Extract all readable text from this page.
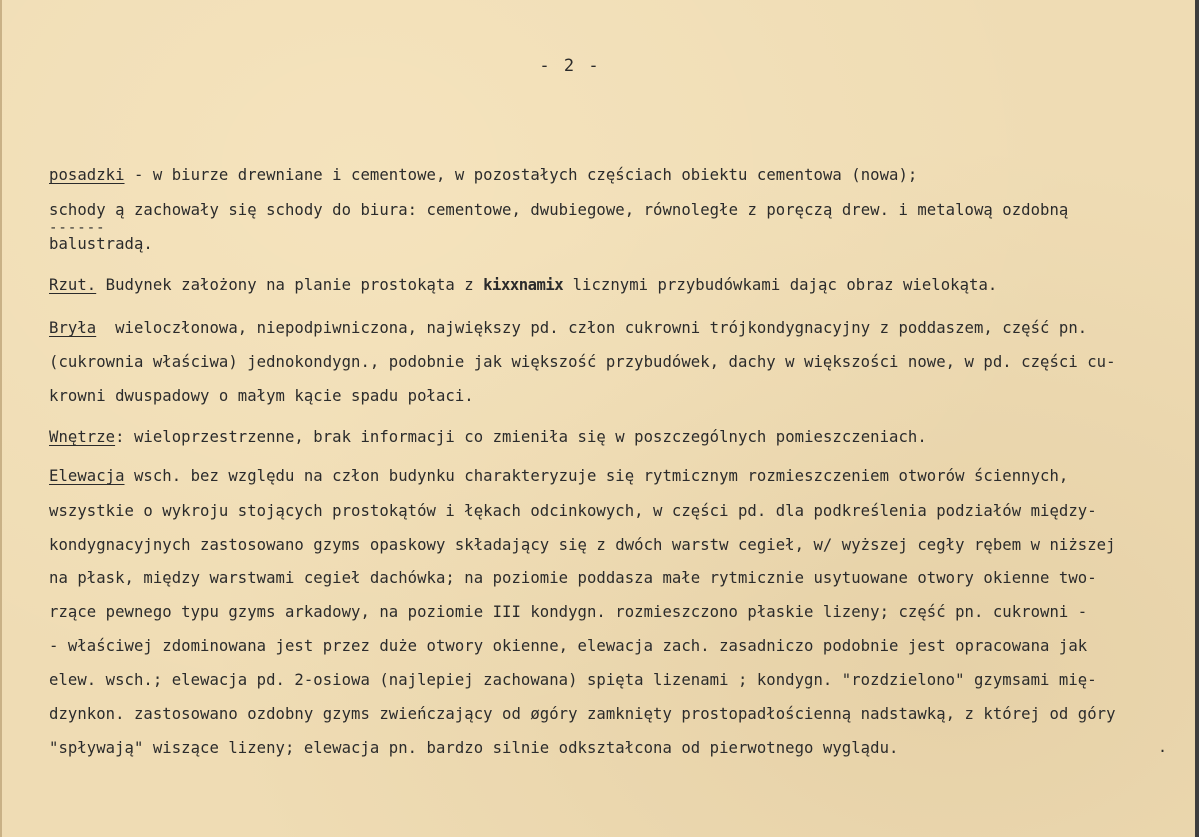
- 2 -
posadzki - w biurze drewniane i cementowe, w pozostałych częściach obiektu cementowa (nowa);
schody ą zachowały się schody do biura: cementowe, dwubiegowe, równoległe z poręczą drew. i metalową ozdobną
------
balustradą.
Rzut. Budynek założony na planie prostokąta z kixxnamix licznymi przybudówkami dając obraz wielokąta.
Bryła  wieloczłonowa, niepodpiwniczona, największy pd. człon cukrowni trójkondygnacyjny z poddaszem, część pn.
(cukrownia właściwa) jednokondygn., podobnie jak większość przybudówek, dachy w większości nowe, w pd. części cu-
krowni dwuspadowy o małym kącie spadu połaci.
Wnętrze: wieloprzestrzenne, brak informacji co zmieniła się w poszczególnych pomieszczeniach.
Elewacja wsch. bez względu na człon budynku charakteryzuje się rytmicznym rozmieszczeniem otworów ściennych,
wszystkie o wykroju stojących prostokątów i łękach odcinkowych, w części pd. dla podkreślenia podziałów między-
kondygnacyjnych zastosowano gzyms opaskowy składający się z dwóch warstw cegieł, w/ wyższej cegły rębem w niższej
na płask, między warstwami cegieł dachówka; na poziomie poddasza małe rytmicznie usytuowane otwory okienne two-
rzące pewnego typu gzyms arkadowy, na poziomie III kondygn. rozmieszczono płaskie lizeny; część pn. cukrowni -
- właściwej zdominowana jest przez duże otwory okienne, elewacja zach. zasadniczo podobnie jest opracowana jak
elew. wsch.; elewacja pd. 2-osiowa (najlepiej zachowana) spięta lizenami ; kondygn. "rozdzielono" gzymsami mię-
dzynkon. zastosowano ozdobny gzyms zwieńczający od øgóry zamknięty prostopadłościenną nadstawką, z której od góry
"spływają" wiszące lizeny; elewacja pn. bardzo silnie odkształcona od pierwotnego wyglądu.	.
